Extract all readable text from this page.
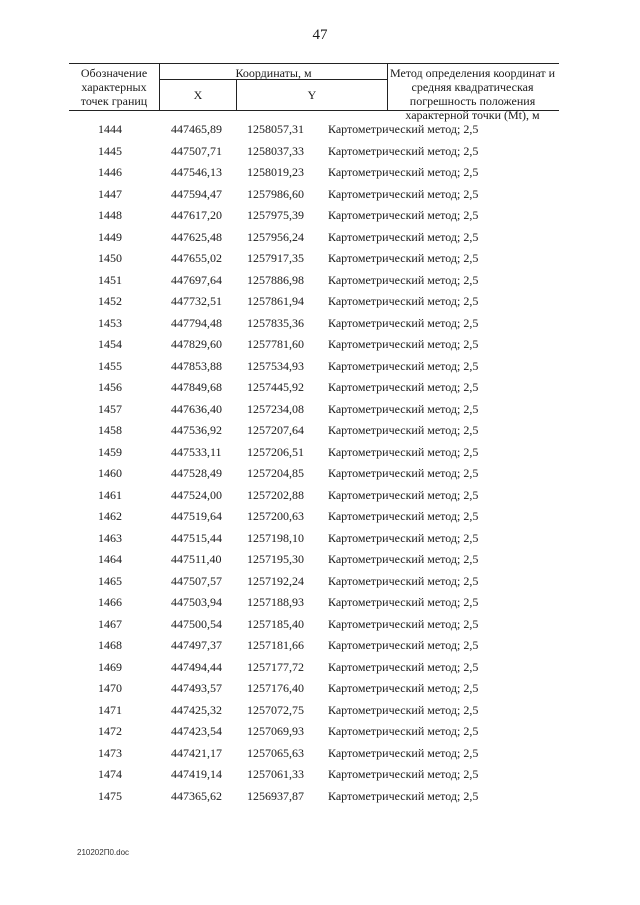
47
Обозначение характерных точек границ
Координаты, м
X	Y
Метод определения координат и средняя квадратическая погрешность положения характерной точки (Mt), м
1444	447465,89	1258057,31	Картометрический метод; 2,5
1445	447507,71	1258037,33	Картометрический метод; 2,5
1446	447546,13	1258019,23	Картометрический метод; 2,5
1447	447594,47	1257986,60	Картометрический метод; 2,5
1448	447617,20	1257975,39	Картометрический метод; 2,5
1449	447625,48	1257956,24	Картометрический метод; 2,5
1450	447655,02	1257917,35	Картометрический метод; 2,5
1451	447697,64	1257886,98	Картометрический метод; 2,5
1452	447732,51	1257861,94	Картометрический метод; 2,5
1453	447794,48	1257835,36	Картометрический метод; 2,5
1454	447829,60	1257781,60	Картометрический метод; 2,5
1455	447853,88	1257534,93	Картометрический метод; 2,5
1456	447849,68	1257445,92	Картометрический метод; 2,5
1457	447636,40	1257234,08	Картометрический метод; 2,5
1458	447536,92	1257207,64	Картометрический метод; 2,5
1459	447533,11	1257206,51	Картометрический метод; 2,5
1460	447528,49	1257204,85	Картометрический метод; 2,5
1461	447524,00	1257202,88	Картометрический метод; 2,5
1462	447519,64	1257200,63	Картометрический метод; 2,5
1463	447515,44	1257198,10	Картометрический метод; 2,5
1464	447511,40	1257195,30	Картометрический метод; 2,5
1465	447507,57	1257192,24	Картометрический метод; 2,5
1466	447503,94	1257188,93	Картометрический метод; 2,5
1467	447500,54	1257185,40	Картометрический метод; 2,5
1468	447497,37	1257181,66	Картометрический метод; 2,5
1469	447494,44	1257177,72	Картометрический метод; 2,5
1470	447493,57	1257176,40	Картометрический метод; 2,5
1471	447425,32	1257072,75	Картометрический метод; 2,5
1472	447423,54	1257069,93	Картометрический метод; 2,5
1473	447421,17	1257065,63	Картометрический метод; 2,5
1474	447419,14	1257061,33	Картометрический метод; 2,5
1475	447365,62	1256937,87	Картометрический метод; 2,5
210202П0.doc
